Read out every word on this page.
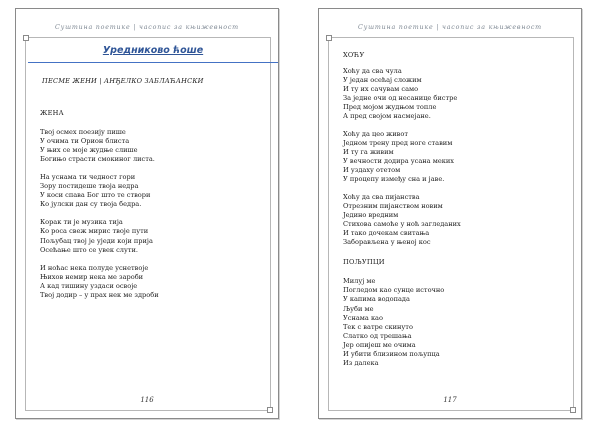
Суштина поетике | часопис за књижевност
Уредниково ћоше
ПЕСМЕ ЖЕНИ | АНЂЕЛКО ЗАБЛАЋАНСКИ
ЖЕНА
Твој осмех поезију пише
У очима ти Орион блиста
У њих се моје жудње слише
Богињо страсти смокиног листа.
На уснама ти чедност гори
Зору постидеше твоја недра
У коси спава Бог што те створи
Ко јулски дан су твоја бедра.
Корак ти је музика тија
Ко роса свеж мирис твоје пути
Пољубац твој је уједи који прија
Осећање што се увек слути.
И ноћас нека полуде уснетвоје
Њихов немир нека ме зароби
А кад тишину уздаси освоје
Твој додир – у прах нек ме здроби
116
Суштина поетике | часопис за књижевност
ХОЋУ
Хоћу да сва чула
У један осећај сложим
И ту их сачувам само
За једне очи од несанице бистре
Пред мојом жудњом топле
А пред својом насмејане.
Хоћу да цео живот
Једном трену пред ноге ставим
И ту га живим
У вечности додира усана меких
И уздаху отетом
У процепу између сна и јаве.
Хоћу да сва пијанства
Отрезним пијанством новим
Једино вредним
Стихова самоће у ноћ загледаних
И тако дочекам свитања
Заборављена у њеној кос
ПОЉУПЦИ
Милуј ме
Погледом као сунце источно
У капима водопада
Љуби ме
Уснама као
Тек с ватре скинуто
Слатко од трешања
Јер опијеш ме очима
И убити близином пољупца
Из далека
117
